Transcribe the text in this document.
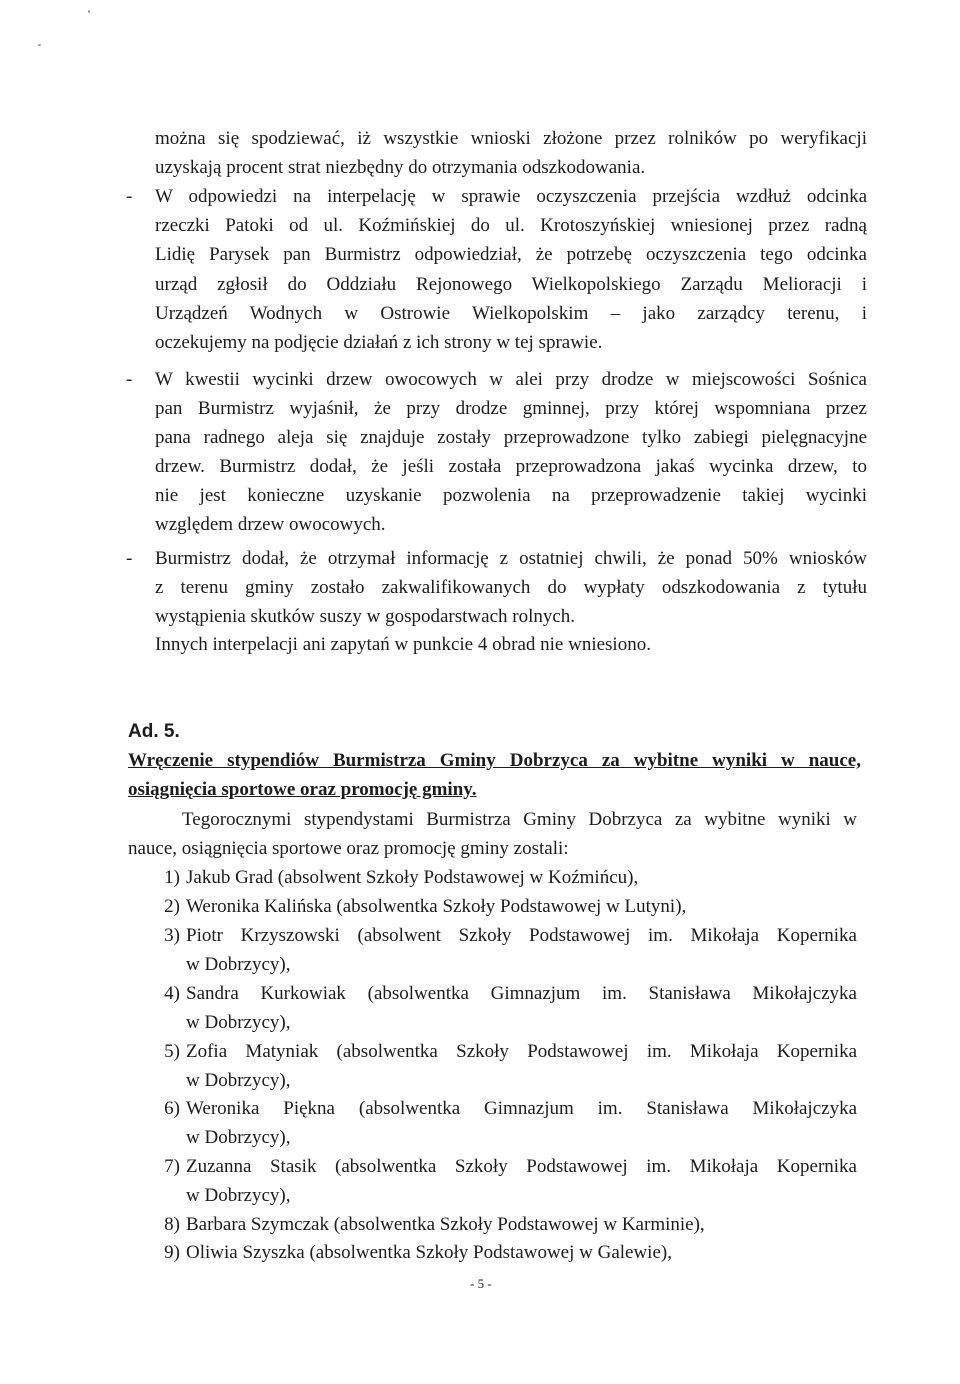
można się spodziewać, iż wszystkie wnioski złożone przez rolników po weryfikacji
uzyskają procent strat niezbędny do otrzymania odszkodowania.
- W odpowiedzi na interpelację w sprawie oczyszczenia przejścia wzdłuż odcinka
rzeczki Patoki od ul. Koźmińskiej do ul. Krotoszyńskiej wniesionej przez radną
Lidię Parysek pan Burmistrz odpowiedział, że potrzebę oczyszczenia tego odcinka
urząd zgłosił do Oddziału Rejonowego Wielkopolskiego Zarządu Melioracji i
Urządzeń Wodnych w Ostrowie Wielkopolskim – jako zarządcy terenu, i
oczekujemy na podjęcie działań z ich strony w tej sprawie.
- W kwestii wycinki drzew owocowych w alei przy drodze w miejscowości Sośnica
pan Burmistrz wyjaśnił, że przy drodze gminnej, przy której wspomniana przez
pana radnego aleja się znajduje zostały przeprowadzone tylko zabiegi pielęgnacyjne
drzew. Burmistrz dodał, że jeśli została przeprowadzona jakaś wycinka drzew, to
nie jest konieczne uzyskanie pozwolenia na przeprowadzenie takiej wycinki
względem drzew owocowych.
- Burmistrz dodał, że otrzymał informację z ostatniej chwili, że ponad 50% wniosków
z terenu gminy zostało zakwalifikowanych do wypłaty odszkodowania z tytułu
wystąpienia skutków suszy w gospodarstwach rolnych.
Innych interpelacji ani zapytań w punkcie 4 obrad nie wniesiono.
Ad. 5.
Wręczenie stypendiów Burmistrza Gminy Dobrzyca za wybitne wyniki w nauce,
osiągnięcia sportowe oraz promocję gminy.
Tegorocznymi stypendystami Burmistrza Gminy Dobrzyca za wybitne wyniki w
nauce, osiągnięcia sportowe oraz promocję gminy zostali:
1) Jakub Grad (absolwent Szkoły Podstawowej w Koźmińcu),
2) Weronika Kalińska (absolwentka Szkoły Podstawowej w Lutyni),
3) Piotr Krzyszowski (absolwent Szkoły Podstawowej im. Mikołaja Kopernika
w Dobrzycy),
4) Sandra Kurkowiak (absolwentka Gimnazjum im. Stanisława Mikołajczyka
w Dobrzycy),
5) Zofia Matyniak (absolwentka Szkoły Podstawowej im. Mikołaja Kopernika
w Dobrzycy),
6) Weronika Piękna (absolwentka Gimnazjum im. Stanisława Mikołajczyka
w Dobrzycy),
7) Zuzanna Stasik (absolwentka Szkoły Podstawowej im. Mikołaja Kopernika
w Dobrzycy),
8) Barbara Szymczak (absolwentka Szkoły Podstawowej w Karminie),
9) Oliwia Szyszka (absolwentka Szkoły Podstawowej w Galewie),
- 5 -
